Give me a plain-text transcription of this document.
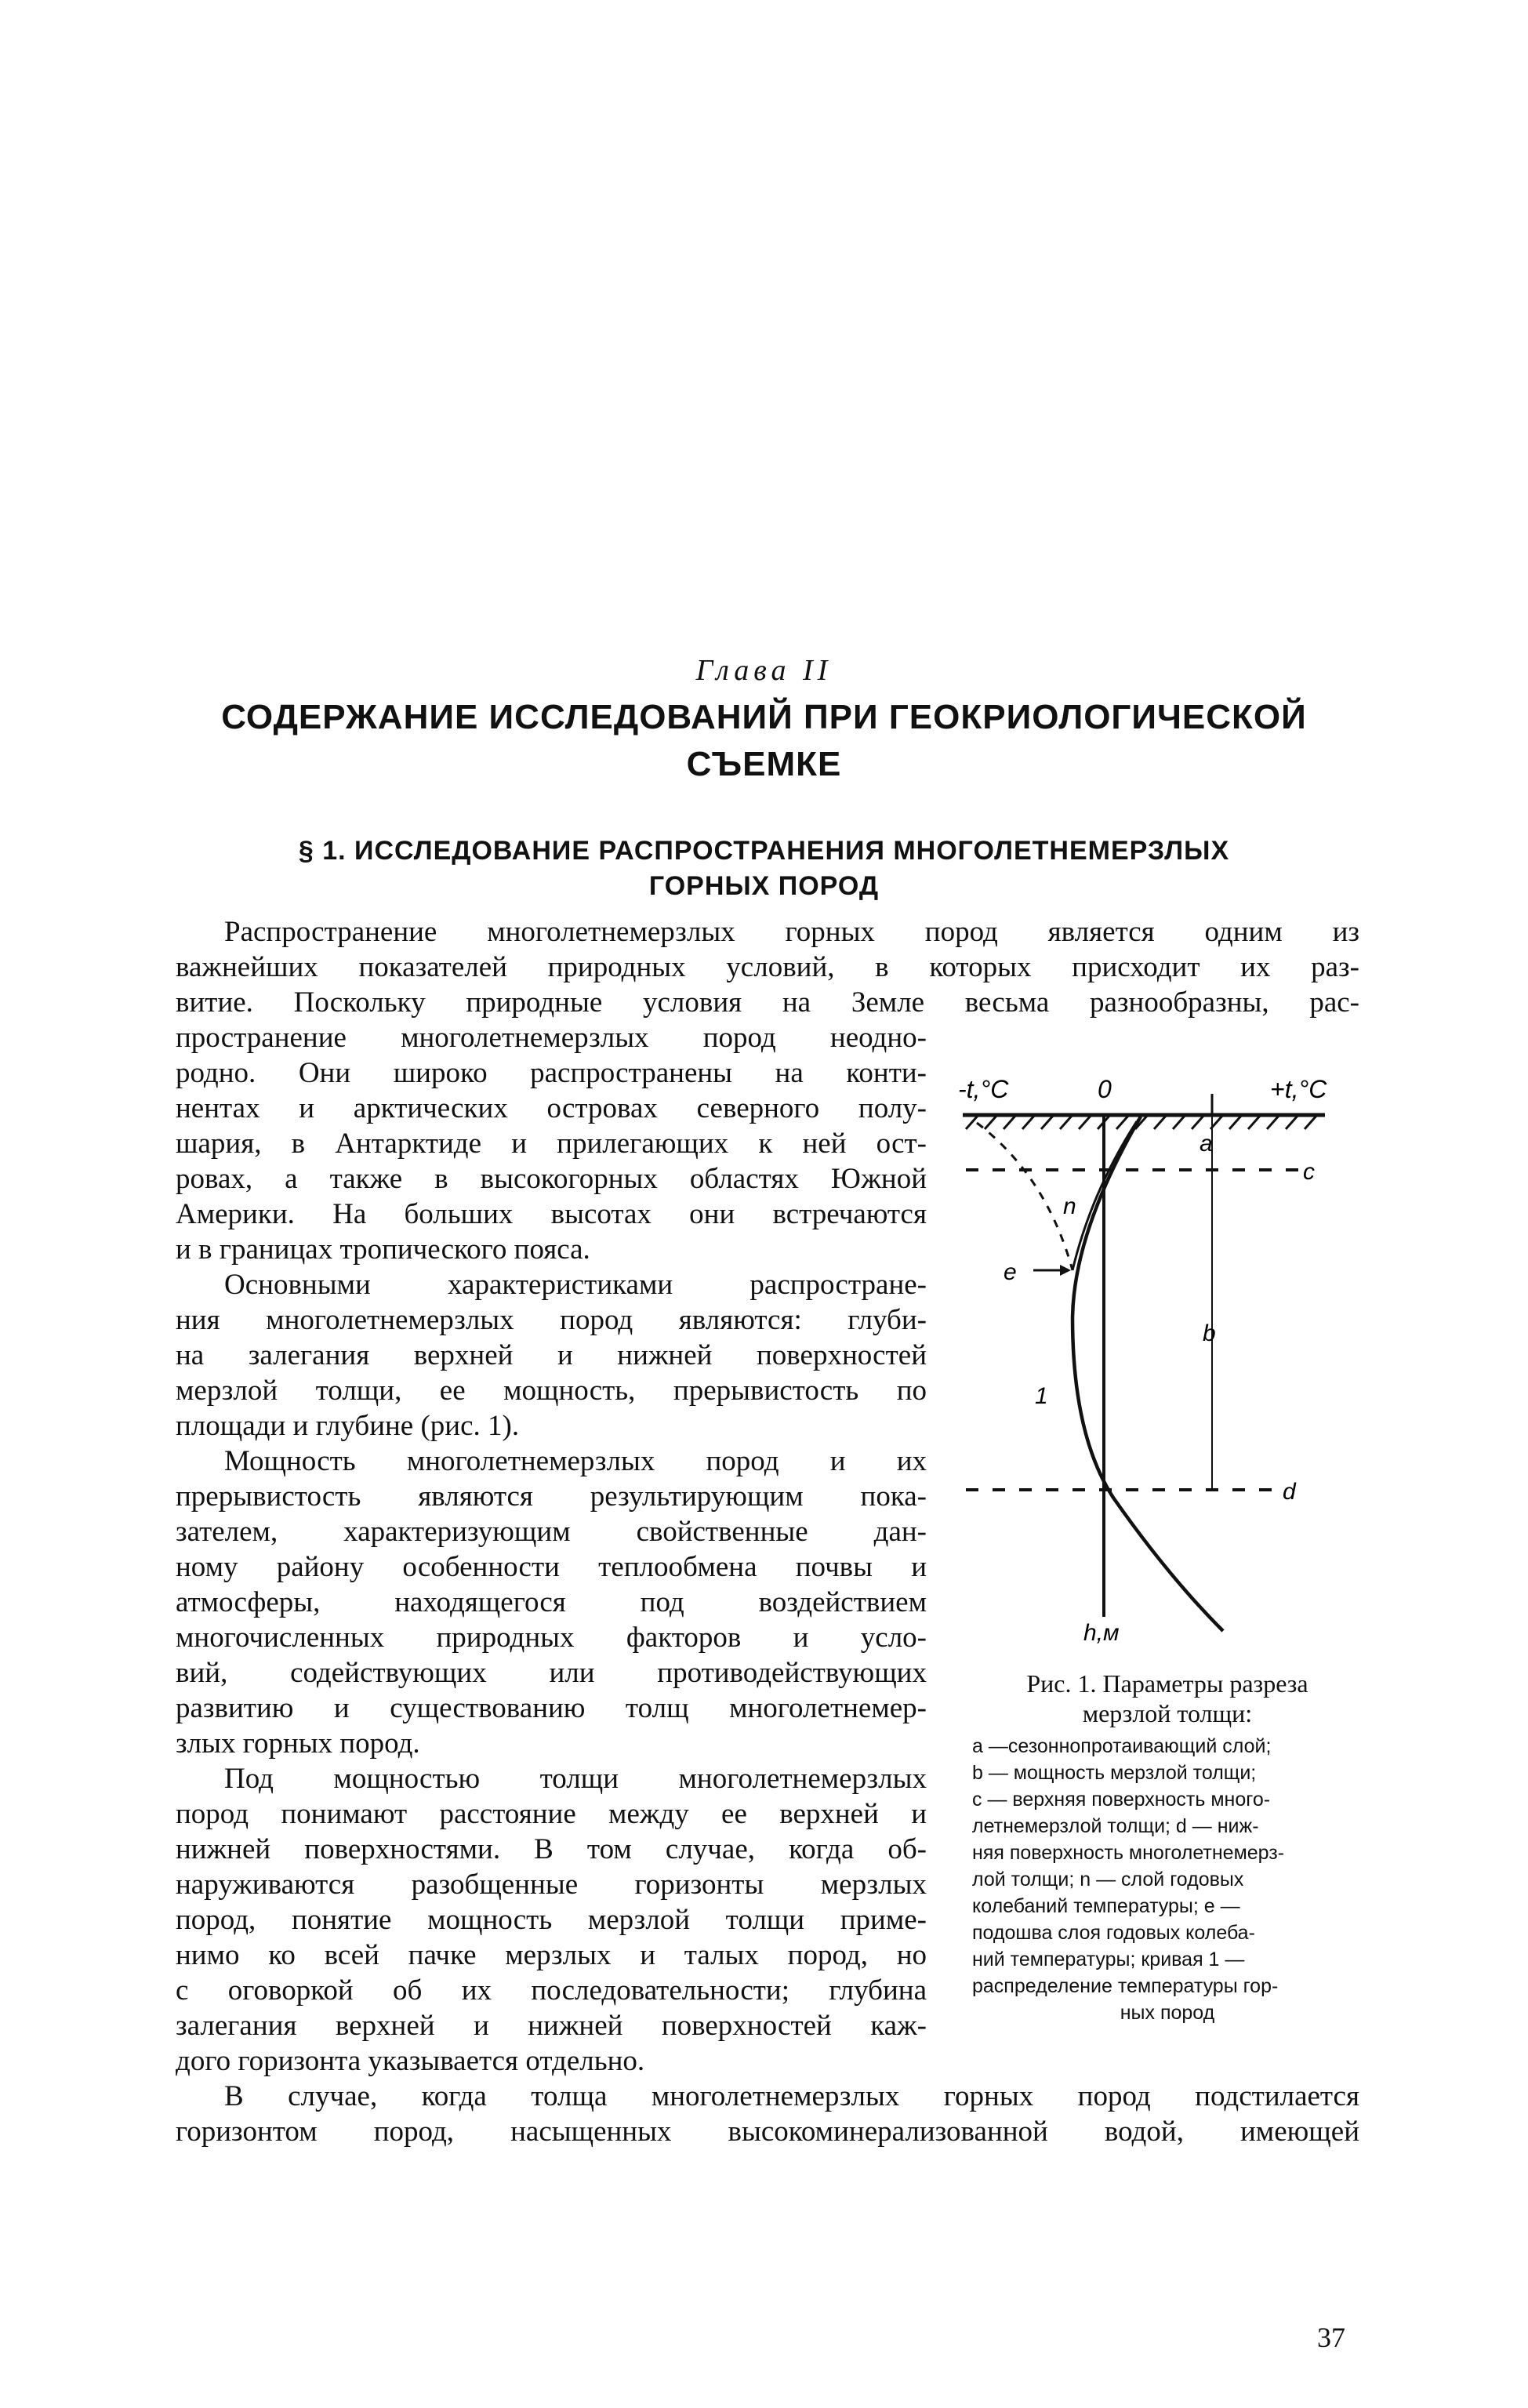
Глава II
СОДЕРЖАНИЕ ИССЛЕДОВАНИЙ ПРИ ГЕОКРИОЛОГИЧЕСКОЙ
СЪЕМКЕ
§ 1. ИССЛЕДОВАНИЕ РАСПРОСТРАНЕНИЯ МНОГОЛЕТНЕМЕРЗЛЫХ
ГОРНЫХ ПОРОД
Распространение многолетнемерзлых горных пород является одним из
важнейших показателей природных условий, в которых присходит их раз-
витие. Поскольку природные условия на Земле весьма разнообразны, рас-
пространение многолетнемерзлых пород неодно-
родно. Они широко распространены на конти-
нентах и арктических островах северного полу-
шария, в Антарктиде и прилегающих к ней ост-
ровах, а также в высокогорных областях Южной
Америки. На больших высотах они встречаются
и в границах тропического пояса.
Основными характеристиками распростране-
ния многолетнемерзлых пород являются: глуби-
на залегания верхней и нижней поверхностей
мерзлой толщи, ее мощность, прерывистость по
площади и глубине (рис. 1).
Мощность многолетнемерзлых пород и их
прерывистость являются результирующим пока-
зателем, характеризующим свойственные дан-
ному району особенности теплообмена почвы и
атмосферы, находящегося под воздействием
многочисленных природных факторов и усло-
вий, содействующих или противодействующих
развитию и существованию толщ многолетнемер-
злых горных пород.
Под мощностью толщи многолетнемерзлых
пород понимают расстояние между ее верхней и
нижней поверхностями. В том случае, когда об-
наруживаются разобщенные горизонты мерзлых
пород, понятие мощность мерзлой толщи приме-
нимо ко всей пачке мерзлых и талых пород, но
с оговоркой об их последовательности; глубина
залегания верхней и нижней поверхностей каж-
дого горизонта указывается отдельно.
В случае, когда толща многолетнемерзлых горных пород подстилается
горизонтом пород, насыщенных высокоминерализованной водой, имеющей
-t,°C	0	+t,°C
a
c
n
e
b
1
d
h,м
Рис. 1. Параметры разреза
мерзлой толщи:
a —сезоннопротаивающий слой;
b — мощность мерзлой толщи;
c — верхняя поверхность много-
летнемерзлой толщи; d — ниж-
няя поверхность многолетнемерз-
лой толщи; n — слой годовых
колебаний температуры; e —
подошва слоя годовых колеба-
ний температуры; кривая 1 —
распределение температуры гор-
ных пород
37
